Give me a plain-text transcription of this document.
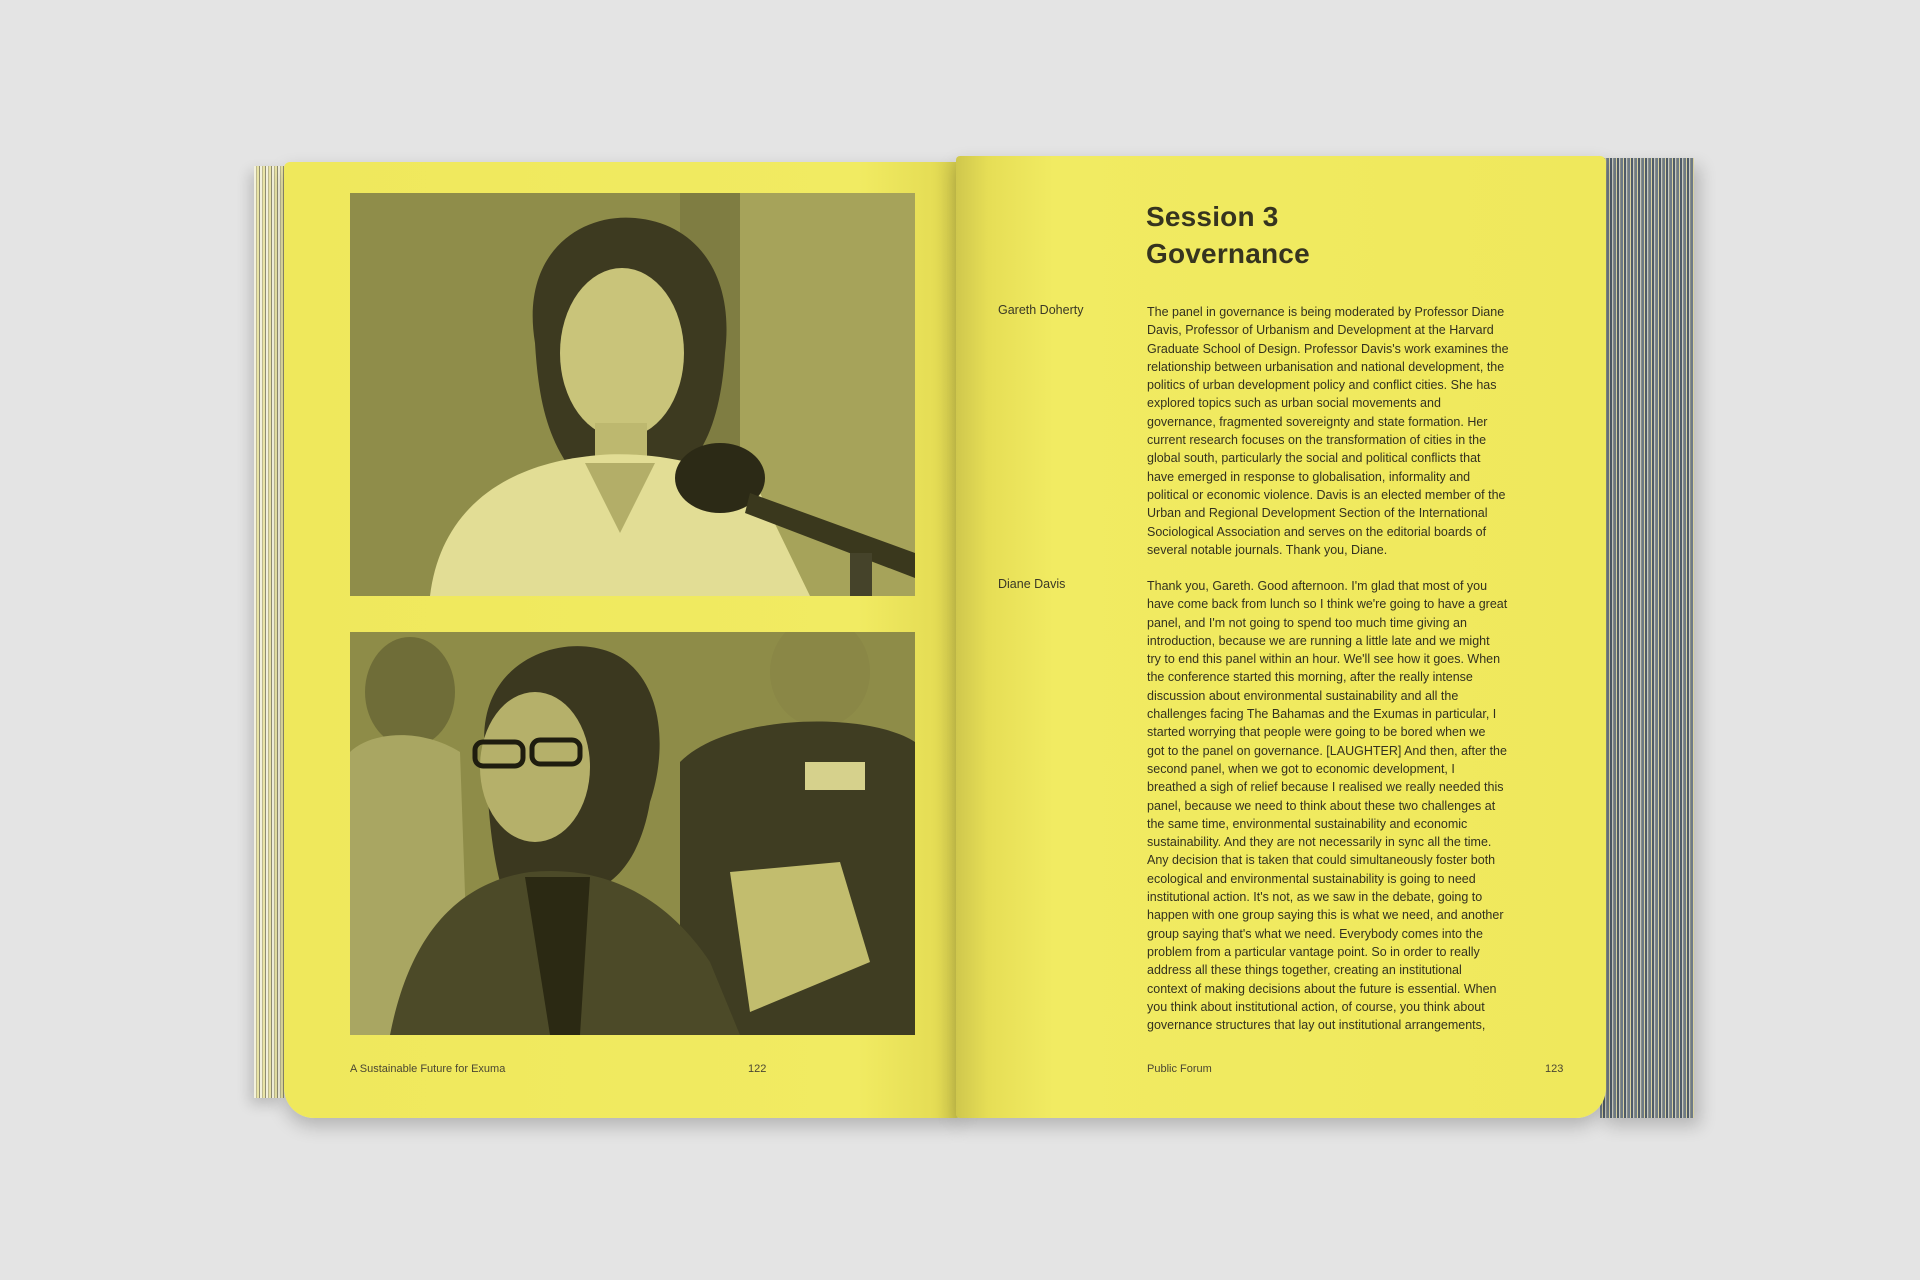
A Sustainable Future for Exuma	122
Session 3
Governance
Gareth Doherty	The panel in governance is being moderated by Professor Diane
Davis, Professor of Urbanism and Development at the Harvard
Graduate School of Design. Professor Davis's work examines the
relationship between urbanisation and national development, the
politics of urban development policy and conflict cities. She has
explored topics such as urban social movements and
governance, fragmented sovereignty and state formation. Her
current research focuses on the transformation of cities in the
global south, particularly the social and political conflicts that
have emerged in response to globalisation, informality and
political or economic violence. Davis is an elected member of the
Urban and Regional Development Section of the International
Sociological Association and serves on the editorial boards of
several notable journals. Thank you, Diane.
Diane Davis	Thank you, Gareth. Good afternoon. I'm glad that most of you
have come back from lunch so I think we're going to have a great
panel, and I'm not going to spend too much time giving an
introduction, because we are running a little late and we might
try to end this panel within an hour. We'll see how it goes. When
the conference started this morning, after the really intense
discussion about environmental sustainability and all the
challenges facing The Bahamas and the Exumas in particular, I
started worrying that people were going to be bored when we
got to the panel on governance. [LAUGHTER] And then, after the
second panel, when we got to economic development, I
breathed a sigh of relief because I realised we really needed this
panel, because we need to think about these two challenges at
the same time, environmental sustainability and economic
sustainability. And they are not necessarily in sync all the time.
Any decision that is taken that could simultaneously foster both
ecological and environmental sustainability is going to need
institutional action. It's not, as we saw in the debate, going to
happen with one group saying this is what we need, and another
group saying that's what we need. Everybody comes into the
problem from a particular vantage point. So in order to really
address all these things together, creating an institutional
context of making decisions about the future is essential. When
you think about institutional action, of course, you think about
governance structures that lay out institutional arrangements,
Public Forum	123
